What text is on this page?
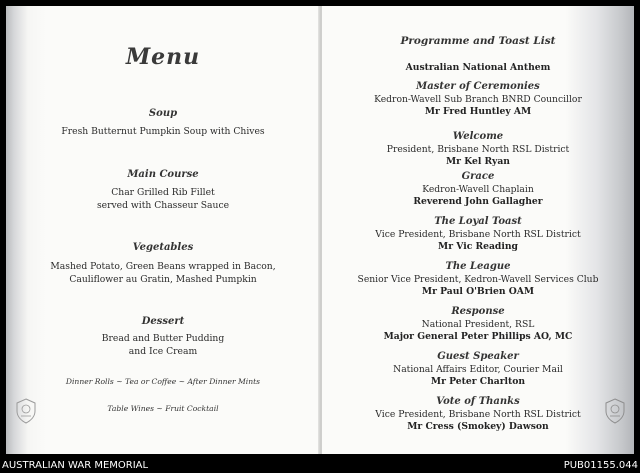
Menu
Soup
Fresh Butternut Pumpkin Soup with Chives
Main Course
Char Grilled Rib Fillet
served with Chasseur Sauce
Vegetables
Mashed Potato, Green Beans wrapped in Bacon,
Cauliflower au Gratin, Mashed Pumpkin
Dessert
Bread and Butter Pudding
and Ice Cream
Dinner Rolls ~ Tea or Coffee ~ After Dinner Mints
Table Wines ~ Fruit Cocktail
Programme and Toast List
Australian National Anthem
Master of Ceremonies
Kedron-Wavell Sub Branch BNRD Councillor
Mr Fred Huntley AM
Welcome
President, Brisbane North RSL District
Mr Kel Ryan
Grace
Kedron-Wavell Chaplain
Reverend John Gallagher
The Loyal Toast
Vice President, Brisbane North RSL District
Mr Vic Reading
The League
Senior Vice President, Kedron-Wavell Services Club
Mr Paul O'Brien OAM
Response
National President, RSL
Major General Peter Phillips AO, MC
Guest Speaker
National Affairs Editor, Courier Mail
Mr Peter Charlton
Vote of Thanks
Vice President, Brisbane North RSL District
Mr Cress (Smokey) Dawson
AUSTRALIAN WAR MEMORIAL	PUB01155.044
